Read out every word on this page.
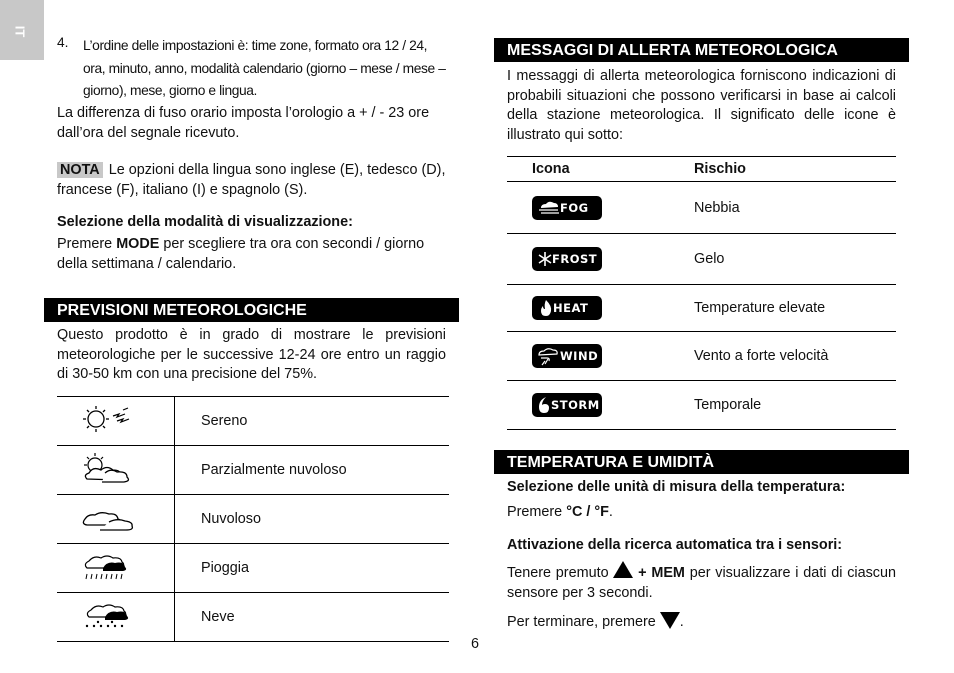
IT
4. L’ordine delle impostazioni è: time zone, formato ora 12 / 24, ora, minuto, anno, modalità calendario (giorno – mese / mese – giorno), mese, giorno e lingua.

La differenza di fuso orario imposta l’orologio a + / - 23 ore dall’ora del segnale ricevuto.

NOTA Le opzioni della lingua sono inglese (E), tedesco (D), francese (F), italiano (I) e spagnolo (S).

Selezione della modalità di visualizzazione:

Premere MODE per scegliere tra ora con secondi / giorno della settimana / calendario.

PREVISIONI METEOROLOGICHE

Questo prodotto è in grado di mostrare le previsioni meteorologiche per le successive 12-24 ore entro un raggio di 30-50 km con una precisione del 75%.

	Sereno
	Parzialmente nuvoloso
	Nuvoloso
	Pioggia
	Neve
MESSAGGI DI ALLERTA METEOROLOGICA

I messaggi di allerta meteorologica forniscono indicazioni di probabili situazioni che possono verificarsi in base ai calcoli della stazione meteorologica. Il significato delle icone è illustrato qui sotto:

Icona	Rischio

FOG	Nebbia

FROST	Gelo

HEAT	Temperature elevate

WIND	Vento a forte velocità

STORM	Temporale
TEMPERATURA E UMIDITÀ

Selezione delle unità di misura della temperatura:

Premere °C / °F.

Attivazione della ricerca automatica tra i sensori:

Tenere premuto  + MEM per visualizzare i dati di ciascun sensore per 3 secondi.

Per terminare, premere .

6
